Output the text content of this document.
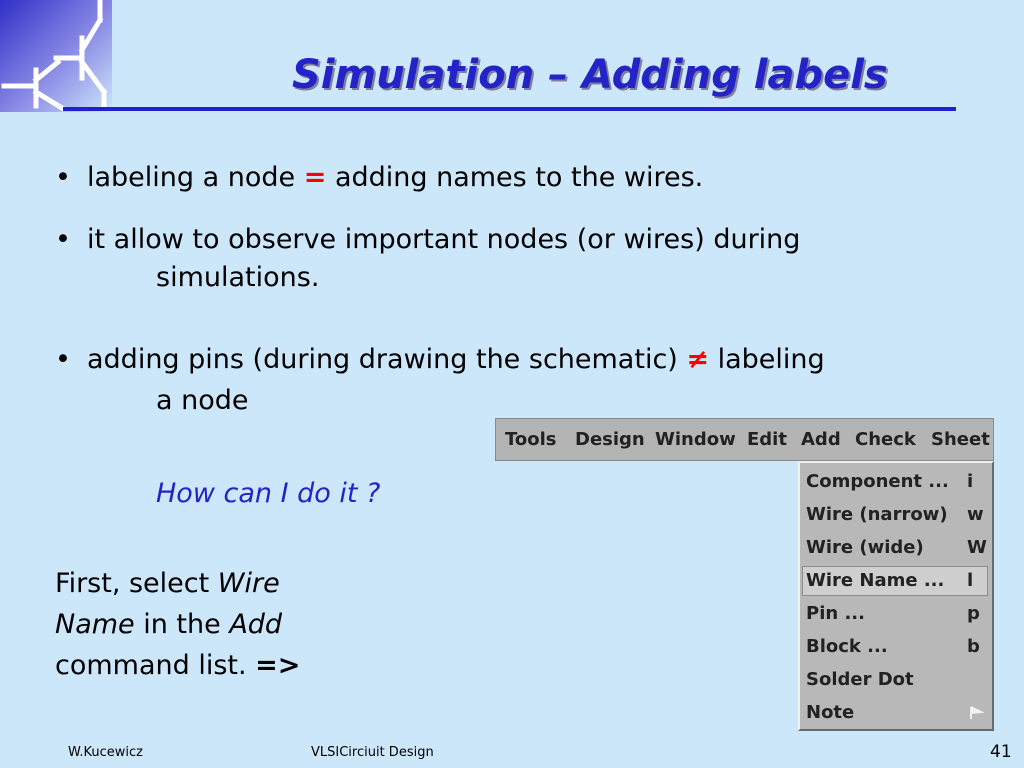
Simulation – Adding labels
• labeling a node = adding names to the wires.
• it allow to observe important nodes (or wires) during
simulations.
• adding pins (during drawing the schematic) ≠ labeling
a node
How can I do it ?
First, select Wire
Name in the Add
command list. =>
Tools Design Window Edit Add Check Sheet
Component ... i
Wire (narrow) w
Wire (wide) W
Wire Name ... l
Pin ...	p
Block ...	b
Solder Dot
Note
W.Kucewicz	VLSICirciuit Design	41
